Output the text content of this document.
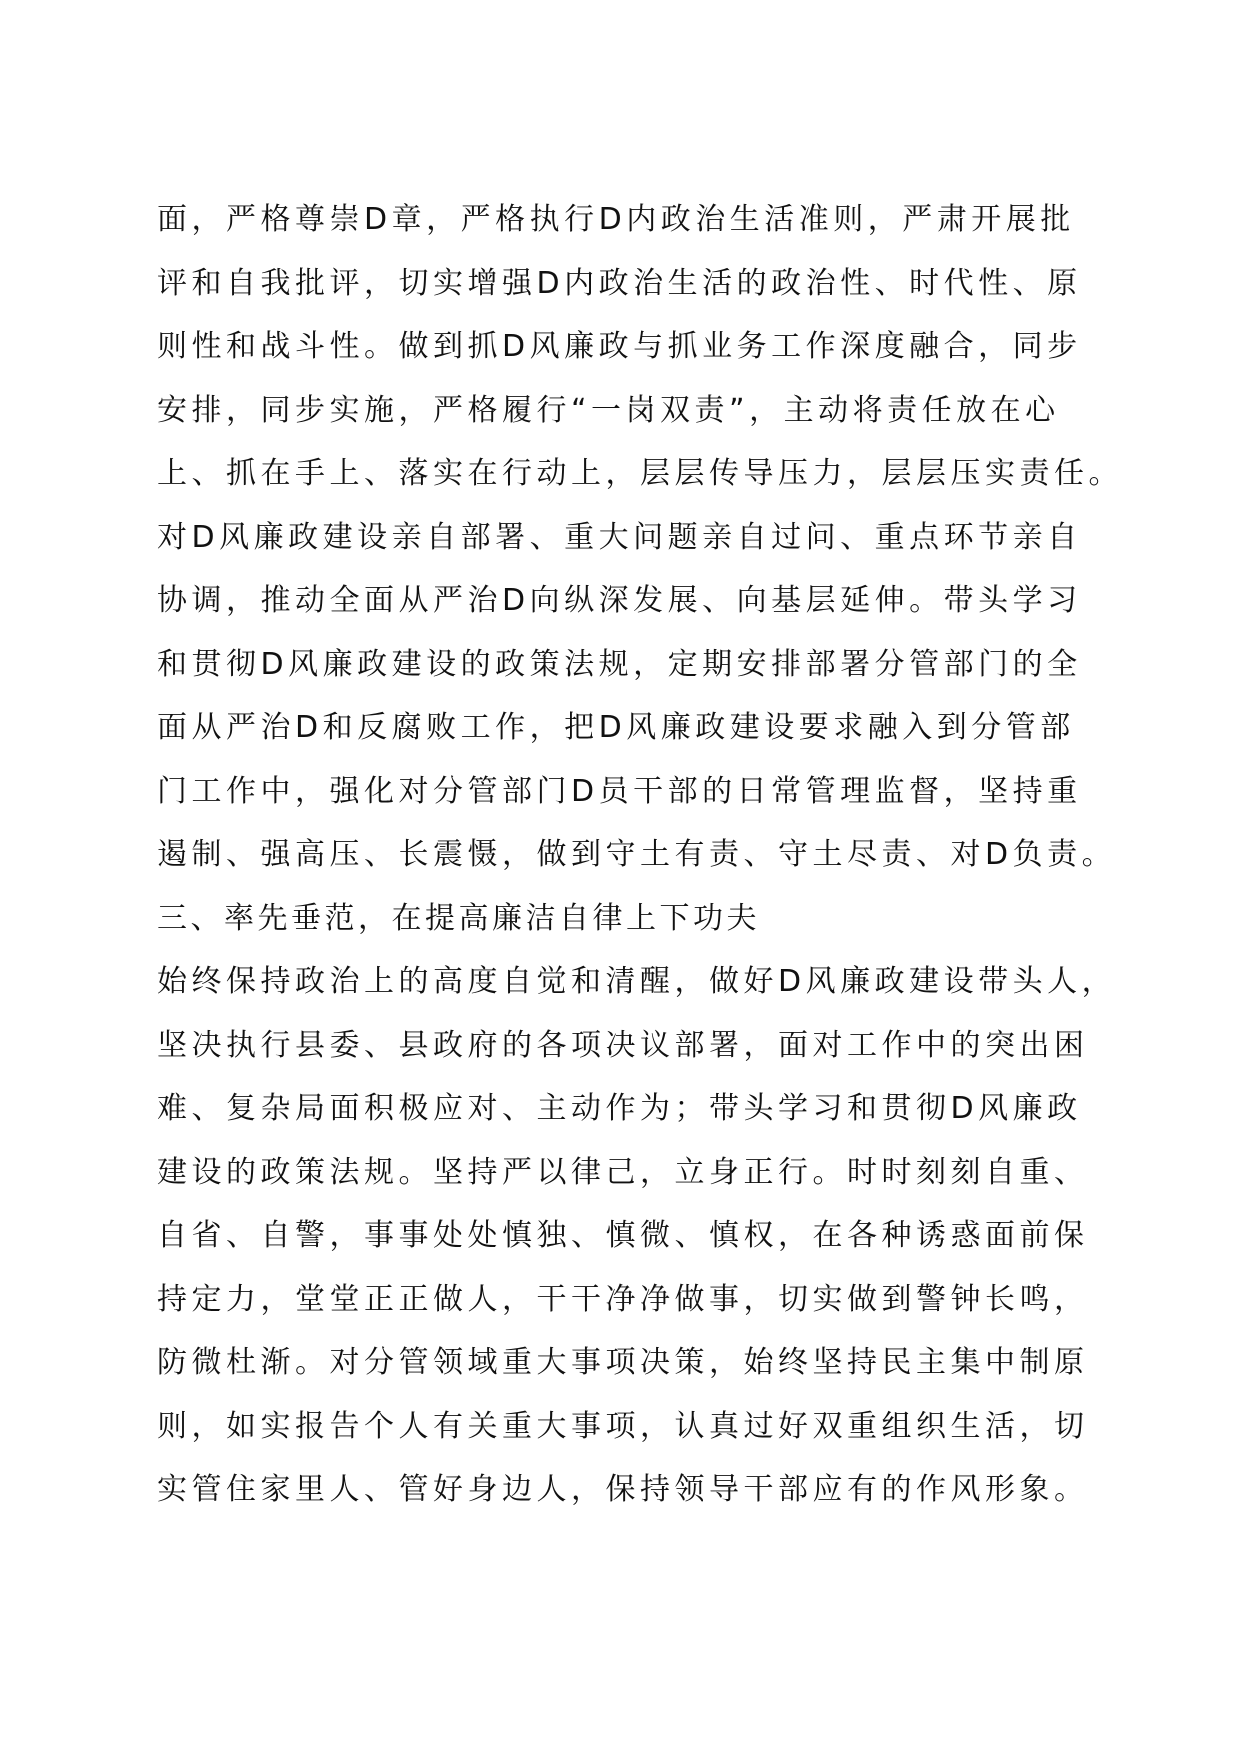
面，严格尊崇D章，严格执行D内政治生活准则，严肃开展批
评和自我批评，切实增强D内政治生活的政治性、时代性、原
则性和战斗性。做到抓D风廉政与抓业务工作深度融合，同步
安排，同步实施，严格履行“一岗双责”，主动将责任放在心
上、抓在手上、落实在行动上，层层传导压力，层层压实责任。
对D风廉政建设亲自部署、重大问题亲自过问、重点环节亲自
协调，推动全面从严治D向纵深发展、向基层延伸。带头学习
和贯彻D风廉政建设的政策法规，定期安排部署分管部门的全
面从严治D和反腐败工作，把D风廉政建设要求融入到分管部
门工作中，强化对分管部门D员干部的日常管理监督，坚持重
遏制、强高压、长震慑，做到守土有责、守土尽责、对D负责。
三、率先垂范，在提高廉洁自律上下功夫
始终保持政治上的高度自觉和清醒，做好D风廉政建设带头人，
坚决执行县委、县政府的各项决议部署，面对工作中的突出困
难、复杂局面积极应对、主动作为；带头学习和贯彻D风廉政
建设的政策法规。坚持严以律己，立身正行。时时刻刻自重、
自省、自警，事事处处慎独、慎微、慎权，在各种诱惑面前保
持定力，堂堂正正做人，干干净净做事，切实做到警钟长鸣，
防微杜渐。对分管领域重大事项决策，始终坚持民主集中制原
则，如实报告个人有关重大事项，认真过好双重组织生活，切
实管住家里人、管好身边人，保持领导干部应有的作风形象。
